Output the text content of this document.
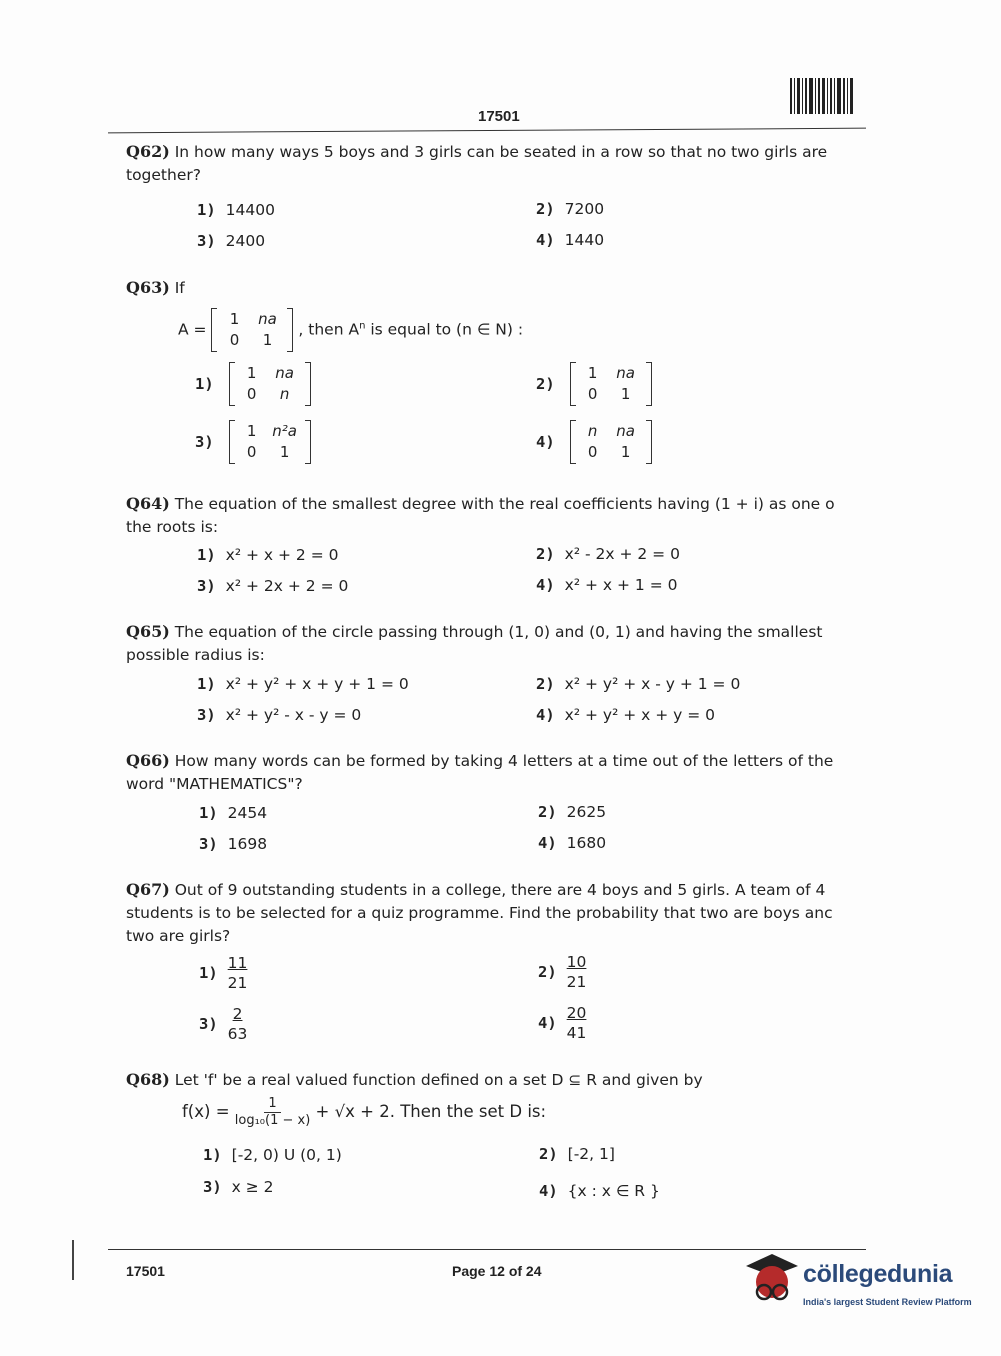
17501
Q62) In how many ways 5 boys and 3 girls can be seated in a row so that no two girls are
together?
1) 14400	2) 7200
3) 2400	4) 1440
Q63) If
A =
1	na
0	1
, then $A^n$ is equal to (n ∈ N) :
1)
1	na
0	n
2)
1	na
0	1
3)
1	n²a
0	1
4)
n	na
0	1
Q64) The equation of the smallest degree with the real coefficients having (1 + i) as one o
the roots is:
1) x² + x + 2 = 0	2) x² - 2x + 2 = 0
3) x² + 2x + 2 = 0	4) x² + x + 1 = 0
Q65) The equation of the circle passing through (1, 0) and (0, 1) and having the smallest
possible radius is:
1) x² + y² + x + y + 1 = 0	2) x² + y² + x - y + 1 = 0
3) x² + y² - x - y = 0	4) x² + y² + x + y = 0
Q66) How many words can be formed by taking 4 letters at a time out of the letters of the
word "MATHEMATICS"?
1) 2454	2) 2625
3) 1698	4) 1680
Q67) Out of 9 outstanding students in a college, there are 4 boys and 5 girls. A team of 4
students is to be selected for a quiz programme. Find the probability that two are boys anс
two are girls?
$1) \frac{11}{21}$	$2) \frac{10}{21}$
$3) \frac{2}{63}$	$4) \frac{20}{41}$
Q68) Let 'f' be a real valued function defined on a set D ⊆ R and given by
$f(x) = \frac{1}{\text{log₁₀(1 − x)}} + √x + 2$. Then the set D is:
1) [-2, 0) U (0, 1)	2) [-2, 1]
3) x ≥ 2	4) {x : x ∈ R }
17501	Page 12 of 24	cöllegedunia
India's largest Student Review Platform
